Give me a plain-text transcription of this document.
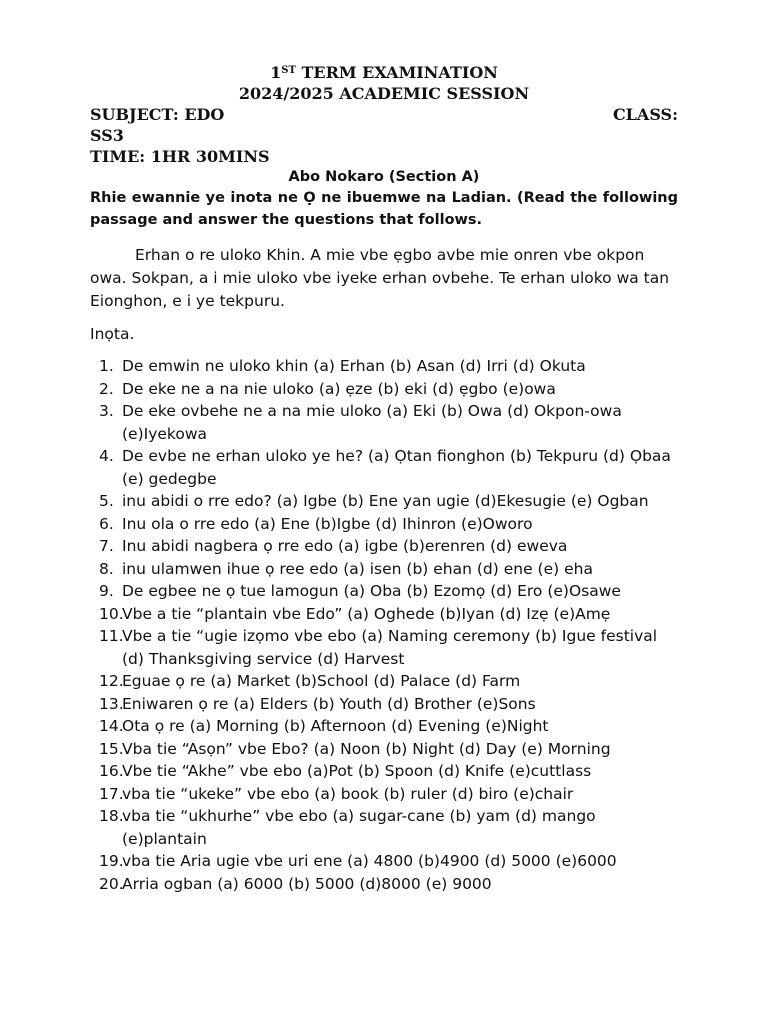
1ST TERM EXAMINATION
2024/2025 ACADEMIC SESSION
SUBJECT: EDO	CLASS:
SS3
TIME: 1HR 30MINS
Abo Nokaro (Section A)
Rhie ewannie ye inota ne Ọ ne ibuemwe na Ladian. (Read the following passage and answer the questions that follows.
Erhan o re uloko Khin. A mie vbe ẹgbo avbe mie onren vbe okpon owa. Sokpan, a i mie uloko vbe iyeke erhan ovbehe. Te erhan uloko wa tan Eionghon, e i ye tekpuru.
Inọta.
1. De emwin ne uloko khin (a) Erhan (b) Asan (d) Irri (d) Okuta
2. De eke ne a na nie uloko (a) ẹze (b) eki (d) ẹgbo (e)owa
3. De eke ovbehe ne a na mie uloko (a) Eki (b) Owa (d) Okpon-owa (e)Iyekowa
4. De evbe ne erhan uloko ye he? (a) Ọtan fionghon (b) Tekpuru (d) Ọbaa (e) gedegbe
5. inu abidi o rre edo? (a) Igbe (b) Ene yan ugie (d)Ekesugie (e) Ogban
6. Inu ola o rre edo (a) Ene (b)Igbe (d) Ihinron (e)Oworo
7. Inu abidi nagbera ọ rre edo (a) igbe (b)erenren (d) eweva
8. inu ulamwen ihue ọ ree edo (a) isen (b) ehan (d) ene (e) eha
9. De egbee ne ọ tue lamogun (a) Oba (b) Ezomọ (d) Ero (e)Osawe
10.
Vbe a tie “plantain vbe Edo” (a) Oghede (b)Iyan (d) Izẹ (e)Amẹ
11.
Vbe a tie “ugie izọmo vbe ebo (a) Naming ceremony (b) Igue festival (d) Thanksgiving service (d) Harvest
12.
Eguae ọ re (a) Market (b)School (d) Palace (d) Farm
13.
Eniwaren ọ re (a) Elders (b) Youth (d) Brother (e)Sons
14.
Ota ọ re (a) Morning (b) Afternoon (d) Evening (e)Night
15.
Vba tie “Asọn” vbe Ebo? (a) Noon (b) Night (d) Day (e) Morning
16.
Vbe tie “Akhe” vbe ebo (a)Pot (b) Spoon (d) Knife (e)cuttlass
17.
vba tie “ukeke” vbe ebo (a) book (b) ruler (d) biro (e)chair
18.
vba tie “ukhurhe” vbe ebo (a) sugar-cane (b) yam (d) mango (e)plantain
19.
vba tie Aria ugie vbe uri ene (a) 4800 (b)4900 (d) 5000 (e)6000
20.
Arria ogban (a) 6000 (b) 5000 (d)8000 (e) 9000
